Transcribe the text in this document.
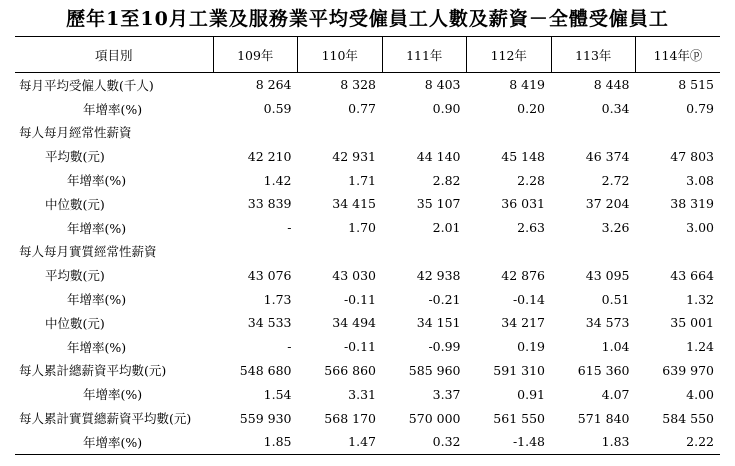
歷年1至10月工業及服務業平均受僱員工人數及薪資－全體受僱員工
項目別	109年	110年	111年	112年	113年	114年ⓟ
每月平均受僱人數(千人)	8 264	8 328	8 403	8 419	8 448	8 515
年增率(%)	0.59	0.77	0.90	0.20	0.34	0.79
每人每月經常性薪資						
平均數(元)	42 210	42 931	44 140	45 148	46 374	47 803
年增率(%)	1.42	1.71	2.82	2.28	2.72	3.08
中位數(元)	33 839	34 415	35 107	36 031	37 204	38 319
年增率(%)	-	1.70	2.01	2.63	3.26	3.00
每人每月實質經常性薪資						
平均數(元)	43 076	43 030	42 938	42 876	43 095	43 664
年增率(%)	1.73	-0.11	-0.21	-0.14	0.51	1.32
中位數(元)	34 533	34 494	34 151	34 217	34 573	35 001
年增率(%)	-	-0.11	-0.99	0.19	1.04	1.24
每人累計總薪資平均數(元)	548 680	566 860	585 960	591 310	615 360	639 970
年增率(%)	1.54	3.31	3.37	0.91	4.07	4.00
每人累計實質總薪資平均數(元)	559 930	568 170	570 000	561 550	571 840	584 550
年增率(%)	1.85	1.47	0.32	-1.48	1.83	2.22
